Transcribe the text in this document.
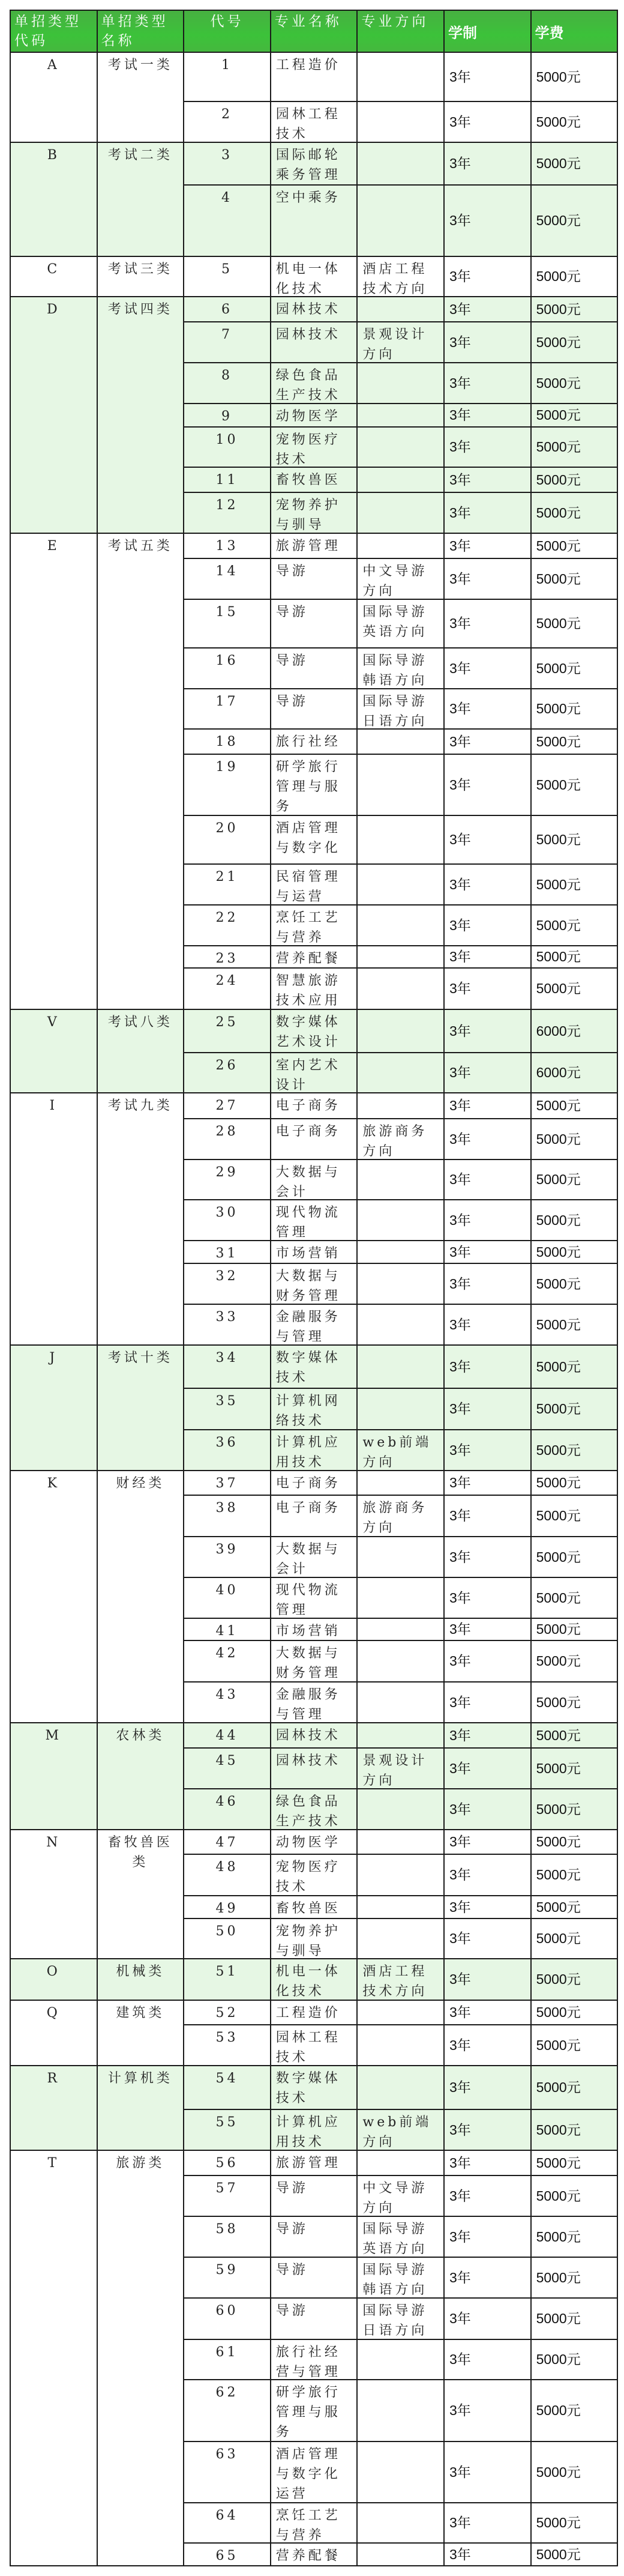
单招类型代码	单招类型名称	代号	专业名称	专业方向	学制	学费

A	考试一类	1	工程造价		3年	5000元

		2	园林工程技术		3年	5000元

B	考试二类	3	国际邮轮乘务管理		3年	5000元

		4	空中乘务		3年	5000元

C	考试三类	5	机电一体化技术	酒店工程技术方向	3年	5000元

D	考试四类	6	园林技术		3年	5000元

		7	园林技术	景观设计方向	3年	5000元

		8	绿色食品生产技术		3年	5000元

		9	动物医学		3年	5000元

		10	宠物医疗技术		3年	5000元

		11	畜牧兽医		3年	5000元

		12	宠物养护与驯导		3年	5000元

E	考试五类	13	旅游管理		3年	5000元

		14	导游	中文导游方向	3年	5000元

		15	导游	国际导游英语方向	3年	5000元

		16	导游	国际导游韩语方向	3年	5000元

		17	导游	国际导游日语方向	3年	5000元

		18	旅行社经		3年	5000元

		19	研学旅行管理与服务		3年	5000元

		20	酒店管理与数字化		3年	5000元

		21	民宿管理与运营		3年	5000元

		22	烹饪工艺与营养		3年	5000元

		23	营养配餐		3年	5000元

		24	智慧旅游技术应用		3年	5000元

V	考试八类	25	数字媒体艺术设计		3年	6000元

		26	室内艺术设计		3年	6000元

I	考试九类	27	电子商务		3年	5000元

		28	电子商务	旅游商务方向	3年	5000元

		29	大数据与会计		3年	5000元

		30	现代物流管理		3年	5000元

		31	市场营销		3年	5000元

		32	大数据与财务管理		3年	5000元

		33	金融服务与管理		3年	5000元

J	考试十类	34	数字媒体技术		3年	5000元

		35	计算机网络技术		3年	5000元

		36	计算机应用技术	web前端方向	3年	5000元

K	财经类	37	电子商务		3年	5000元

		38	电子商务	旅游商务方向	3年	5000元

		39	大数据与会计		3年	5000元

		40	现代物流管理		3年	5000元

		41	市场营销		3年	5000元

		42	大数据与财务管理		3年	5000元

		43	金融服务与管理		3年	5000元

M	农林类	44	园林技术		3年	5000元

		45	园林技术	景观设计方向	3年	5000元

		46	绿色食品生产技术		3年	5000元

N	畜牧兽医类	47	动物医学		3年	5000元

		48	宠物医疗技术		3年	5000元

		49	畜牧兽医		3年	5000元

		50	宠物养护与驯导		3年	5000元

O	机械类	51	机电一体化技术	酒店工程技术方向	3年	5000元

Q	建筑类	52	工程造价		3年	5000元

		53	园林工程技术		3年	5000元

R	计算机类	54	数字媒体技术		3年	5000元

		55	计算机应用技术	web前端方向	3年	5000元

T	旅游类	56	旅游管理		3年	5000元

		57	导游	中文导游方向	3年	5000元

		58	导游	国际导游英语方向	3年	5000元

		59	导游	国际导游韩语方向	3年	5000元

		60	导游	国际导游日语方向	3年	5000元

		61	旅行社经营与管理		3年	5000元

		62	研学旅行管理与服务		3年	5000元

		63	酒店管理与数字化运营		3年	5000元

		64	烹饪工艺与营养		3年	5000元

		65	营养配餐		3年	5000元
